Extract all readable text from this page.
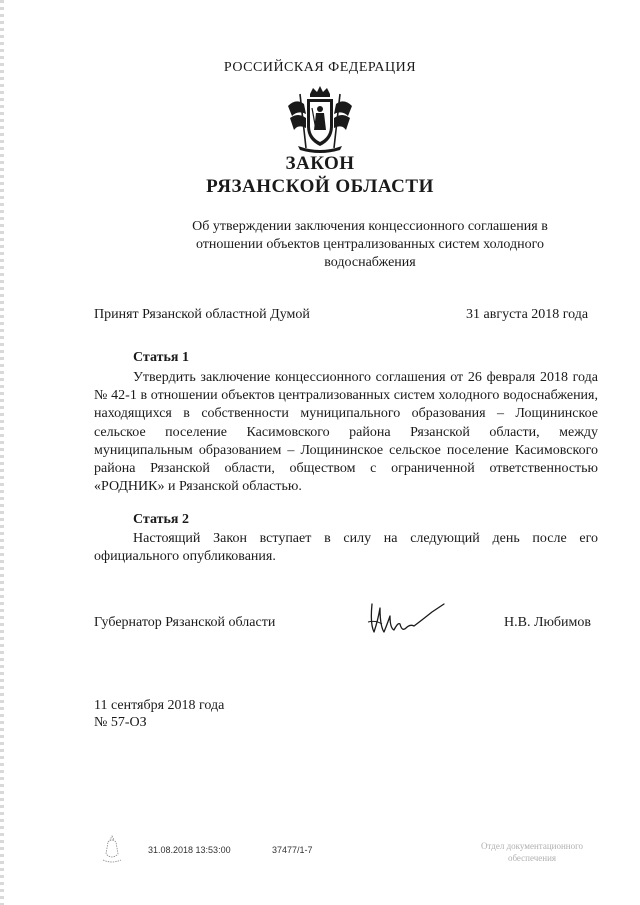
РОССИЙСКАЯ ФЕДЕРАЦИЯ
ЗАКОН
РЯЗАНСКОЙ ОБЛАСТИ
Об утверждении заключения концессионного соглашения в отношении объектов централизованных систем холодного водоснабжения
Принят Рязанской областной Думой	31 августа 2018 года
Статья 1

Утвердить заключение концессионного соглашения от 26 февраля 2018 года № 42-1 в отношении объектов централизованных систем холодного водоснабжения, находящихся в собственности муниципального образования – Лощининское сельское поселение Касимовского района Рязанской области, между муниципальным образованием – Лощининское сельское поселение Касимовского района Рязанской области, обществом с ограниченной ответственностью «РОДНИК» и Рязанской областью.

Статья 2

Настоящий Закон вступает в силу на следующий день после его официального опубликования.

Губернатор Рязанской области	Н.В. Любимов
11 сентября 2018 года
№ 57-ОЗ
31.08.2018 13:53:00	37477/1-7	Отдел документационного
обеспечения
